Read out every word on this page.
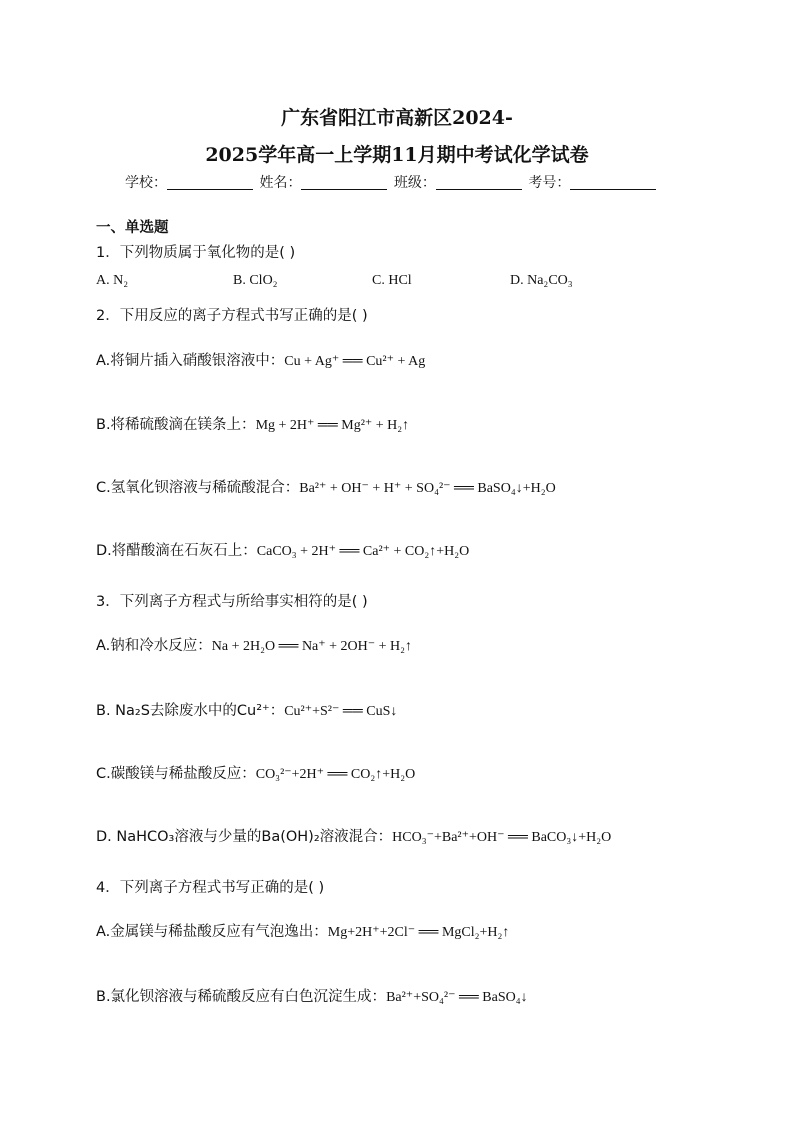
广东省阳江市高新区2024-
2025学年高一上学期11月期中考试化学试卷
学校：	姓名：	班级：	考号：
一、单选题
1．下列物质属于氧化物的是( )
A. N₂	B. ClO₂	C. HCl	D. Na₂CO₃
2．下用反应的离子方程式书写正确的是( )
A.将铜片插入硝酸银溶液中：Cu + Ag⁺ ══ Cu²⁺ + Ag
B.将稀硫酸滴在镁条上：Mg + 2H⁺ ══ Mg²⁺ + H₂↑
C.氢氧化钡溶液与稀硫酸混合：Ba²⁺ + OH⁻ + H⁺ + SO₄²⁻ ══ BaSO₄↓+H₂O
D.将醋酸滴在石灰石上：CaCO₃ + 2H⁺ ══ Ca²⁺ + CO₂↑+H₂O
3．下列离子方程式与所给事实相符的是( )
A.钠和冷水反应：Na + 2H₂O ══ Na⁺ + 2OH⁻ + H₂↑
B. Na₂S去除废水中的Cu²⁺：Cu²⁺+S²⁻ ══ CuS↓
C.碳酸镁与稀盐酸反应：CO₃²⁻+2H⁺ ══ CO₂↑+H₂O
D. NaHCO₃溶液与少量的Ba(OH)₂溶液混合：HCO₃⁻+Ba²⁺+OH⁻ ══ BaCO₃↓+H₂O
4．下列离子方程式书写正确的是( )
A.金属镁与稀盐酸反应有气泡逸出：Mg+2H⁺+2Cl⁻ ══ MgCl₂+H₂↑
B.氯化钡溶液与稀硫酸反应有白色沉淀生成：Ba²⁺+SO₄²⁻ ══ BaSO₄↓
